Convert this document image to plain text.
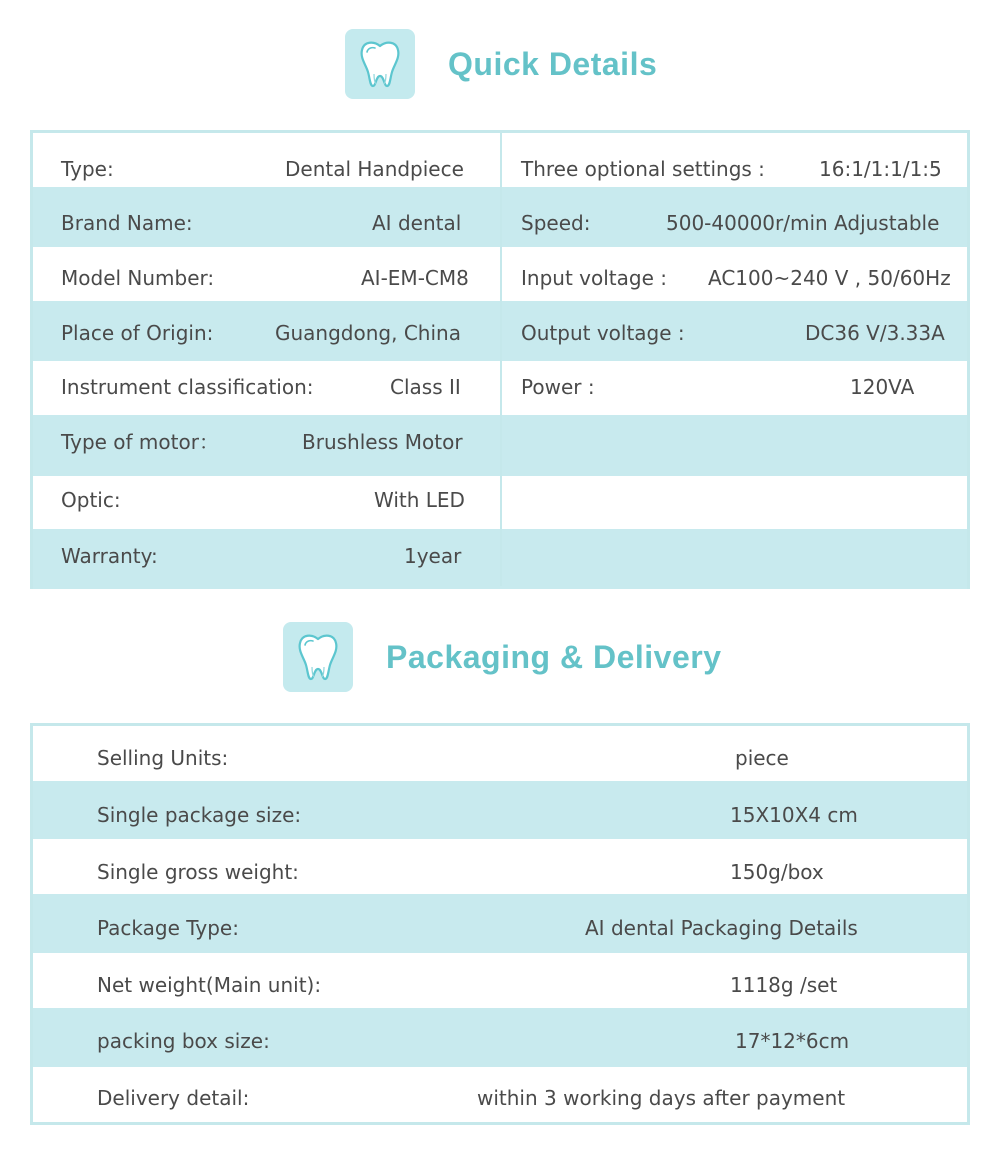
Quick Details
Type:
Brand Name:
Model Number:
Place of Origin:
Instrument classification:
Type of motor：
Optic:
Warranty:
Dental Handpiece
AI dental
AI-EM-CM8
Guangdong, China
Class II
Brushless Motor
With LED
1year
Three optional settings :
Speed:
Input voltage :
Output voltage :
Power :
16:1/1:1/1:5
500-40000r/min Adjustable
AC100~240 V , 50/60Hz
DC36 V/3.33A
120VA
Packaging & Delivery
Selling Units:
Single package size:
Single gross weight:
Package Type:
Net weight(Main unit):
packing box size:
Delivery detail:
piece
15X10X4 cm
150g/box
AI dental Packaging Details
1118g /set
17*12*6cm
within 3 working days after payment
